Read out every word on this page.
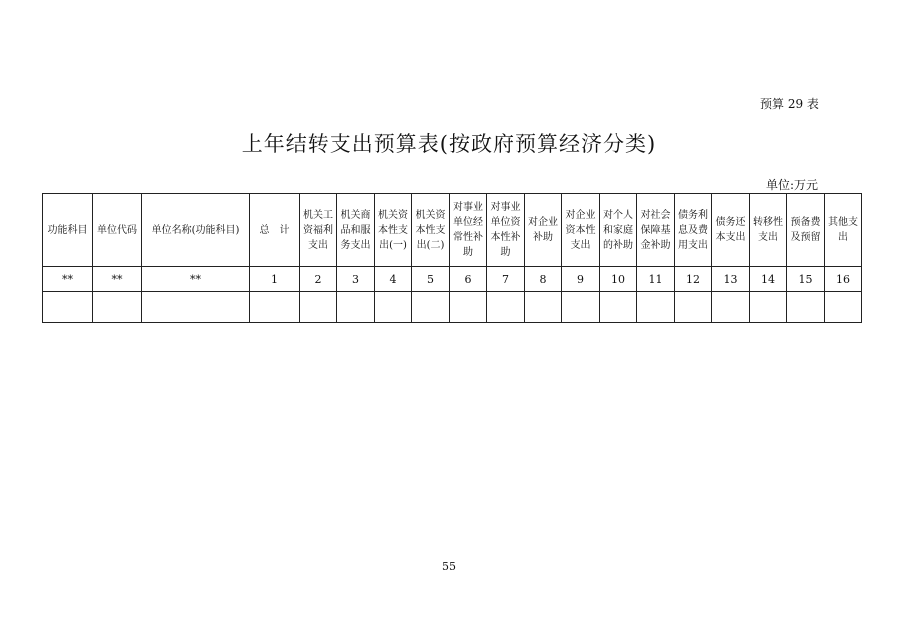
预算 29 表
上年结转支出预算表(按政府预算经济分类)
单位:万元
功能科目	单位代码	单位名称(功能科目)	总　计	机关工资福利支出	机关商品和服务支出	机关资本性支出(一)	机关资本性支出(二)	对事业单位经常性补助	对事业单位资本性补助	对企业补助	对企业资本性支出	对个人和家庭的补助	对社会保障基金补助	债务利息及费用支出	债务还本支出	转移性支出	预备费及预留	其他支出
**	**	**	1	2	3	4	5	6	7	8	9	10	11	12	13	14	15	16

55
